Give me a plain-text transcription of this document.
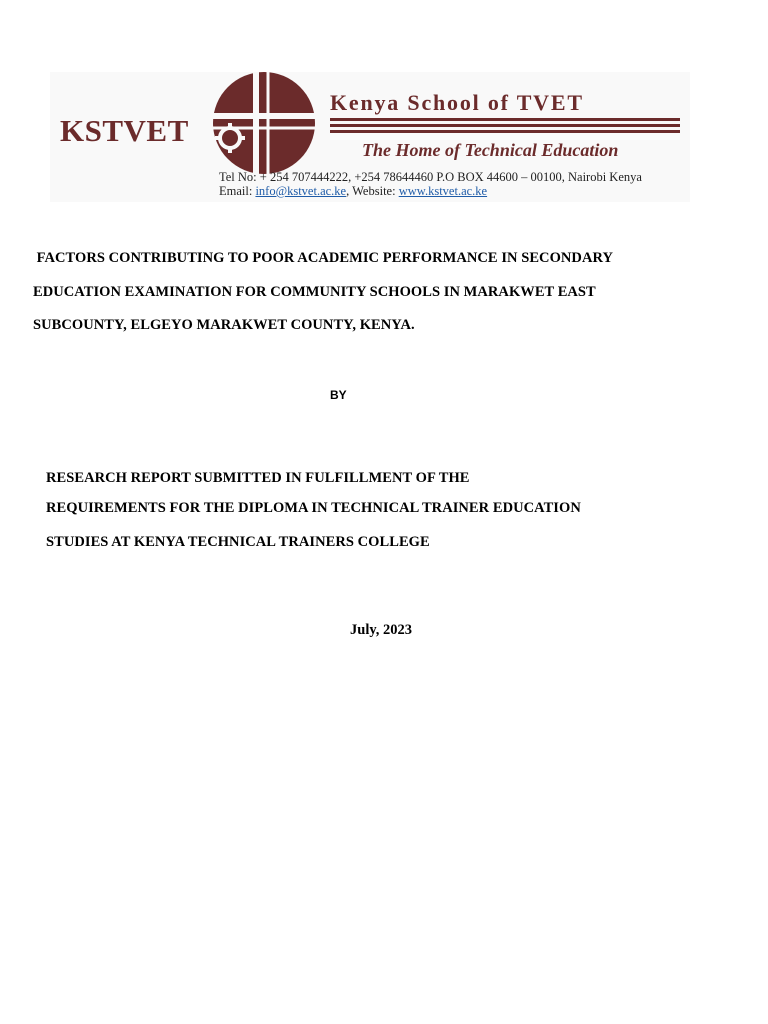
KSTVET
Kenya School of TVET
The Home of Technical Education
Tel No: + 254 707444222, +254 78644460 P.O BOX 44600 – 00100, Nairobi Kenya
Email: info@kstvet.ac.ke, Website: www.kstvet.ac.ke
FACTORS CONTRIBUTING TO POOR ACADEMIC PERFORMANCE IN SECONDARY
EDUCATION EXAMINATION FOR COMMUNITY SCHOOLS IN MARAKWET EAST
SUBCOUNTY, ELGEYO MARAKWET COUNTY, KENYA.
BY
RESEARCH REPORT SUBMITTED IN FULFILLMENT OF THE
REQUIREMENTS FOR THE DIPLOMA IN TECHNICAL TRAINER EDUCATION
STUDIES AT KENYA TECHNICAL TRAINERS COLLEGE
July, 2023
